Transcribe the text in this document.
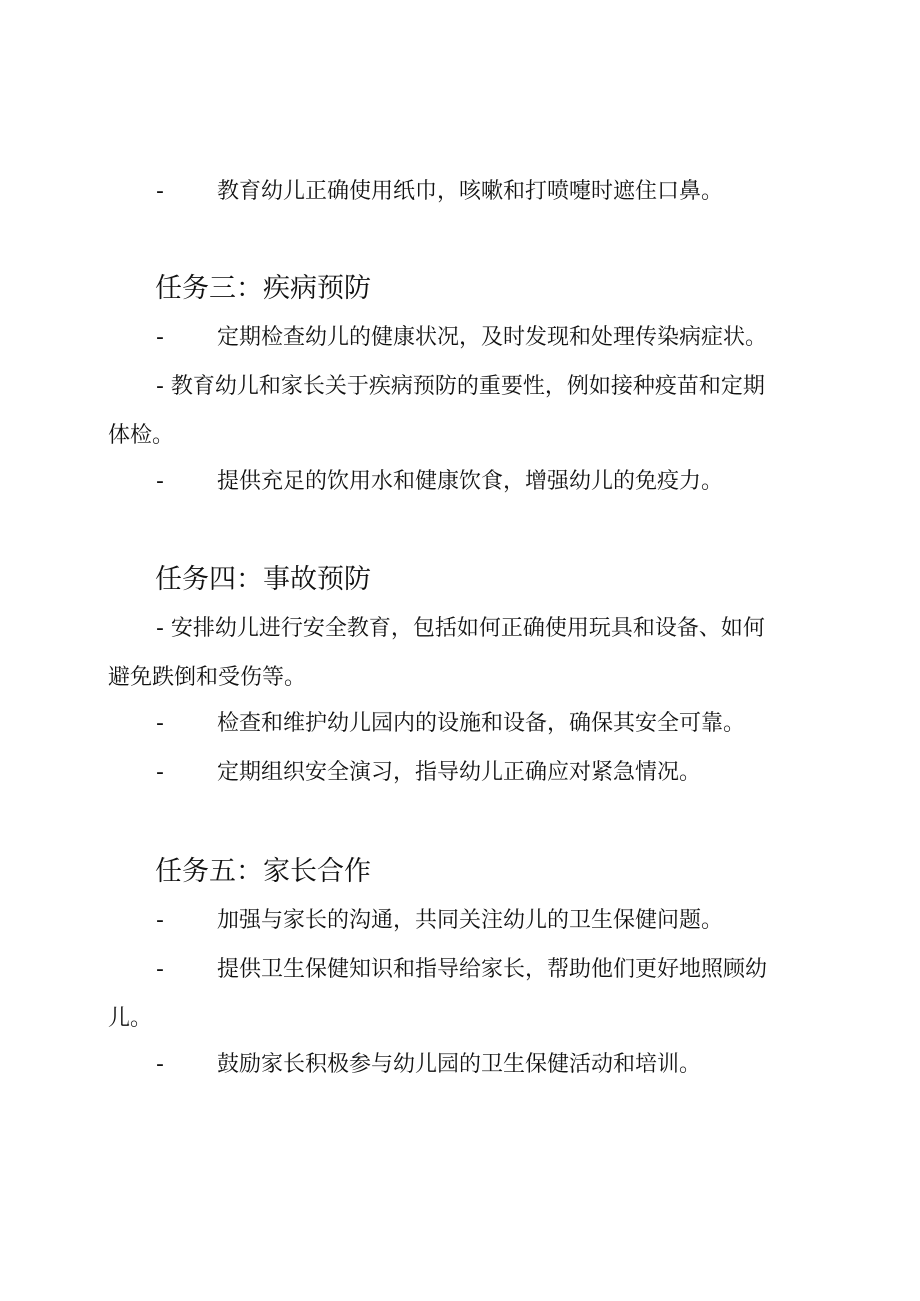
- 教育幼儿正确使用纸巾，咳嗽和打喷嚏时遮住口鼻。
任务三：疾病预防
- 定期检查幼儿的健康状况，及时发现和处理传染病症状。
- 教育幼儿和家长关于疾病预防的重要性，例如接种疫苗和定期
体检。
- 提供充足的饮用水和健康饮食，增强幼儿的免疫力。
任务四：事故预防
- 安排幼儿进行安全教育，包括如何正确使用玩具和设备、如何
避免跌倒和受伤等。
- 检查和维护幼儿园内的设施和设备，确保其安全可靠。
- 定期组织安全演习，指导幼儿正确应对紧急情况。
任务五：家长合作
- 加强与家长的沟通，共同关注幼儿的卫生保健问题。
- 提供卫生保健知识和指导给家长，帮助他们更好地照顾幼
儿。
- 鼓励家长积极参与幼儿园的卫生保健活动和培训。
